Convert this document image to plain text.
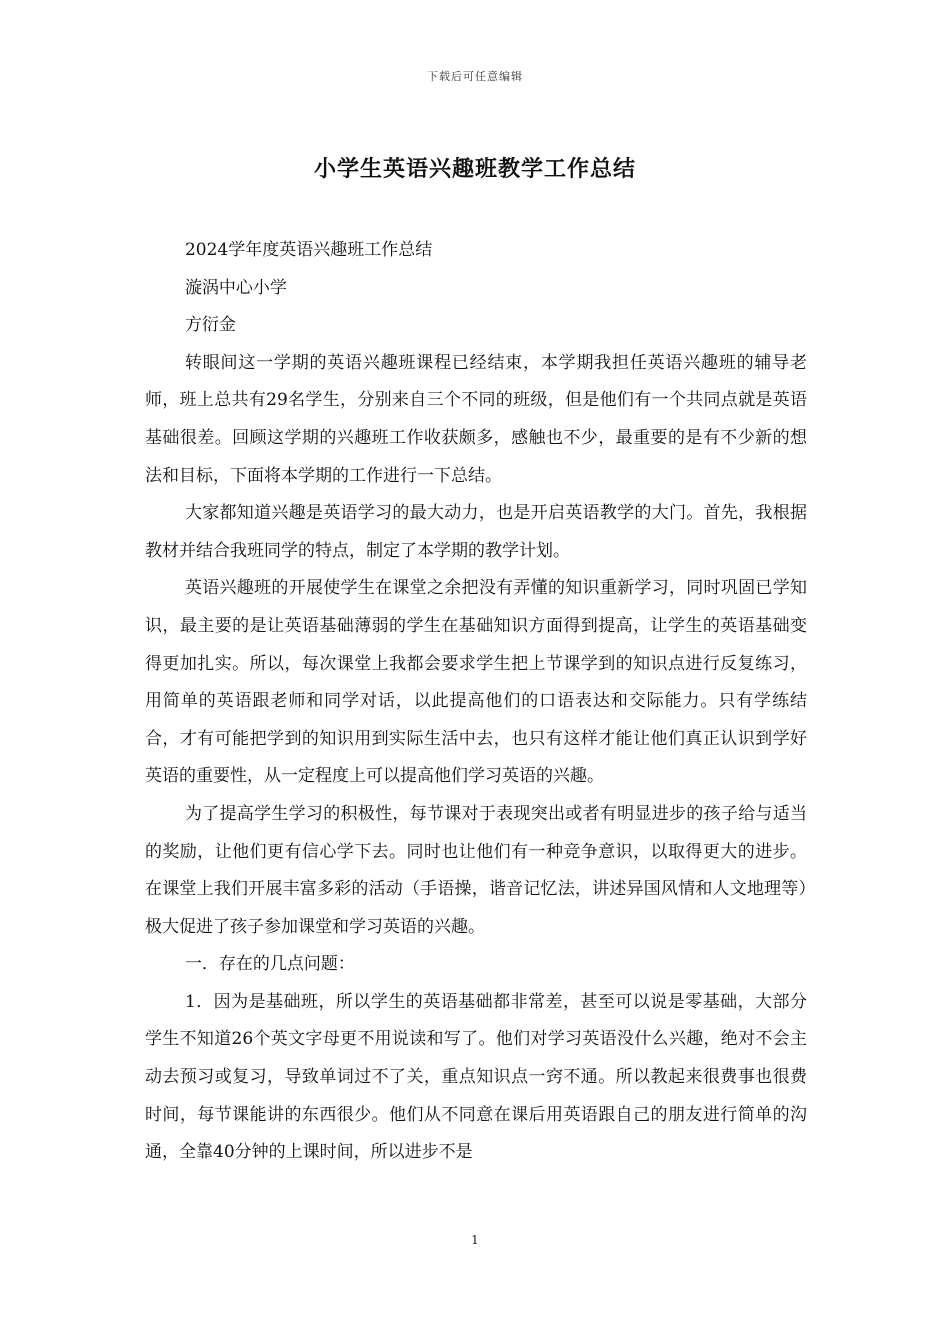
下载后可任意编辑
小学生英语兴趣班教学工作总结

2024学年度英语兴趣班工作总结

漩涡中心小学

方衍金

转眼间这一学期的英语兴趣班课程已经结束，本学期我担任英语兴趣班的辅导老师，班上总共有29名学生，分别来自三个不同的班级，但是他们有一个共同点就是英语基础很差。回顾这学期的兴趣班工作收获颇多，感触也不少，最重要的是有不少新的想法和目标，下面将本学期的工作进行一下总结。

大家都知道兴趣是英语学习的最大动力，也是开启英语教学的大门。首先，我根据教材并结合我班同学的特点，制定了本学期的教学计划。

英语兴趣班的开展使学生在课堂之余把没有弄懂的知识重新学习，同时巩固已学知识，最主要的是让英语基础薄弱的学生在基础知识方面得到提高，让学生的英语基础变得更加扎实。所以，每次课堂上我都会要求学生把上节课学到的知识点进行反复练习，用简单的英语跟老师和同学对话，以此提高他们的口语表达和交际能力。只有学练结合，才有可能把学到的知识用到实际生活中去，也只有这样才能让他们真正认识到学好英语的重要性，从一定程度上可以提高他们学习英语的兴趣。

为了提高学生学习的积极性，每节课对于表现突出或者有明显进步的孩子给与适当的奖励，让他们更有信心学下去。同时也让他们有一种竞争意识，以取得更大的进步。在课堂上我们开展丰富多彩的活动（手语操，谐音记忆法，讲述异国风情和人文地理等）极大促进了孩子参加课堂和学习英语的兴趣。

一．存在的几点问题：

1．因为是基础班，所以学生的英语基础都非常差，甚至可以说是零基础，大部分学生不知道26个英文字母更不用说读和写了。他们对学习英语没什么兴趣，绝对不会主动去预习或复习，导致单词过不了关，重点知识点一窍不通。所以教起来很费事也很费时间，每节课能讲的东西很少。他们从不同意在课后用英语跟自己的朋友进行简单的沟通，全靠40分钟的上课时间，所以进步不是

1
